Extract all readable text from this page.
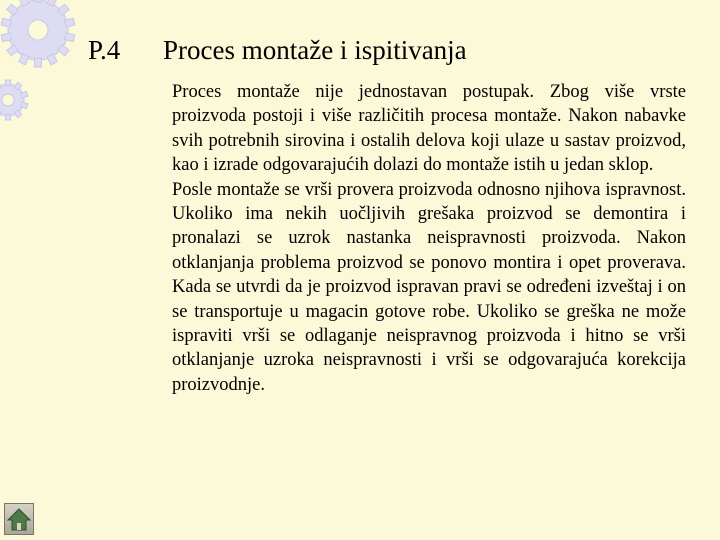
P.4 Proces montaže i ispitivanja

Proces montaže nije jednostavan postupak. Zbog više vrste proizvoda postoji i više različitih procesa montaže. Nakon nabavke svih potrebnih sirovina i ostalih delova koji ulaze u sastav proizvod, kao i izrade odgovarajućih dolazi do montaže istih u jedan sklop.

Posle montaže se vrši provera proizvoda odnosno njihova ispravnost. Ukoliko ima nekih uočljivih grešaka proizvod se demontira i pronalazi se uzrok nastanka neispravnosti proizvoda. Nakon otklanjanja problema proizvod se ponovo montira i opet proverava. Kada se utvrdi da je proizvod ispravan pravi se određeni izveštaj i on se transportuje u magacin gotove robe. Ukoliko se greška ne može ispraviti vrši se odlaganje neispravnog proizvoda i hitno se vrši otklanjanje uzroka neispravnosti i vrši se odgovarajuća korekcija proizvodnje.
